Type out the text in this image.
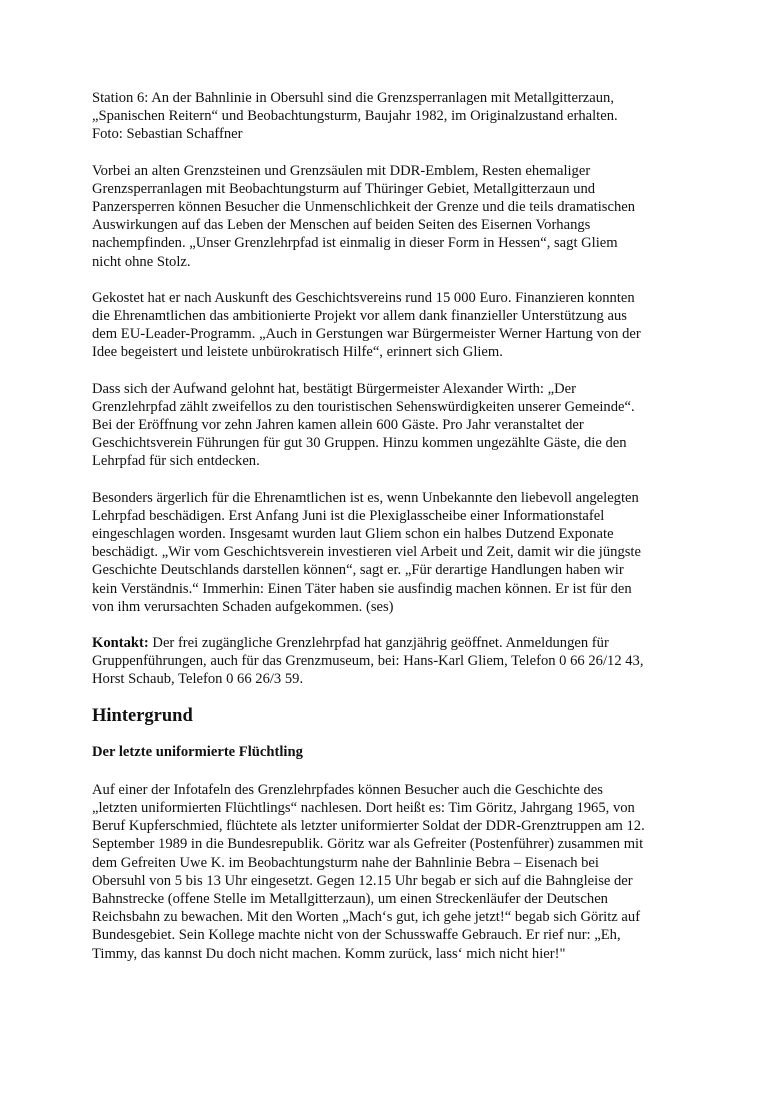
Station 6: An der Bahnlinie in Obersuhl sind die Grenzsperranlagen mit Metallgitterzaun,
„Spanischen Reitern“ und Beobachtungsturm, Baujahr 1982, im Originalzustand erhalten.
Foto: Sebastian Schaffner

Vorbei an alten Grenzsteinen und Grenzsäulen mit DDR-Emblem, Resten ehemaliger
Grenzsperranlagen mit Beobachtungsturm auf Thüringer Gebiet, Metallgitterzaun und
Panzersperren können Besucher die Unmenschlichkeit der Grenze und die teils dramatischen
Auswirkungen auf das Leben der Menschen auf beiden Seiten des Eisernen Vorhangs
nachempfinden. „Unser Grenzlehrpfad ist einmalig in dieser Form in Hessen“, sagt Gliem
nicht ohne Stolz.

Gekostet hat er nach Auskunft des Geschichtsvereins rund 15 000 Euro. Finanzieren konnten
die Ehrenamtlichen das ambitionierte Projekt vor allem dank finanzieller Unterstützung aus
dem EU-Leader-Programm. „Auch in Gerstungen war Bürgermeister Werner Hartung von der
Idee begeistert und leistete unbürokratisch Hilfe“, erinnert sich Gliem.

Dass sich der Aufwand gelohnt hat, bestätigt Bürgermeister Alexander Wirth: „Der
Grenzlehrpfad zählt zweifellos zu den touristischen Sehenswürdigkeiten unserer Gemeinde“.
Bei der Eröffnung vor zehn Jahren kamen allein 600 Gäste. Pro Jahr veranstaltet der
Geschichtsverein Führungen für gut 30 Gruppen. Hinzu kommen ungezählte Gäste, die den
Lehrpfad für sich entdecken.

Besonders ärgerlich für die Ehrenamtlichen ist es, wenn Unbekannte den liebevoll angelegten
Lehrpfad beschädigen. Erst Anfang Juni ist die Plexiglasscheibe einer Informationstafel
eingeschlagen worden. Insgesamt wurden laut Gliem schon ein halbes Dutzend Exponate
beschädigt. „Wir vom Geschichtsverein investieren viel Arbeit und Zeit, damit wir die jüngste
Geschichte Deutschlands darstellen können“, sagt er. „Für derartige Handlungen haben wir
kein Verständnis.“ Immerhin: Einen Täter haben sie ausfindig machen können. Er ist für den
von ihm verursachten Schaden aufgekommen. (ses)

Kontakt: Der frei zugängliche Grenzlehrpfad hat ganzjährig geöffnet. Anmeldungen für
Gruppenführungen, auch für das Grenzmuseum, bei: Hans-Karl Gliem, Telefon 0 66 26/12 43,
Horst Schaub, Telefon 0 66 26/3 59.

Hintergrund
Der letzte uniformierte Flüchtling

Auf einer der Infotafeln des Grenzlehrpfades können Besucher auch die Geschichte des
„letzten uniformierten Flüchtlings“ nachlesen. Dort heißt es: Tim Göritz, Jahrgang 1965, von
Beruf Kupferschmied, flüchtete als letzter uniformierter Soldat der DDR-Grenztruppen am 12.
September 1989 in die Bundesrepublik. Göritz war als Gefreiter (Postenführer) zusammen mit
dem Gefreiten Uwe K. im Beobachtungsturm nahe der Bahnlinie Bebra – Eisenach bei
Obersuhl von 5 bis 13 Uhr eingesetzt. Gegen 12.15 Uhr begab er sich auf die Bahngleise der
Bahnstrecke (offene Stelle im Metallgitterzaun), um einen Streckenläufer der Deutschen
Reichsbahn zu bewachen. Mit den Worten „Mach‘s gut, ich gehe jetzt!“ begab sich Göritz auf
Bundesgebiet. Sein Kollege machte nicht von der Schusswaffe Gebrauch. Er rief nur: „Eh,
Timmy, das kannst Du doch nicht machen. Komm zurück, lass‘ mich nicht hier!"
